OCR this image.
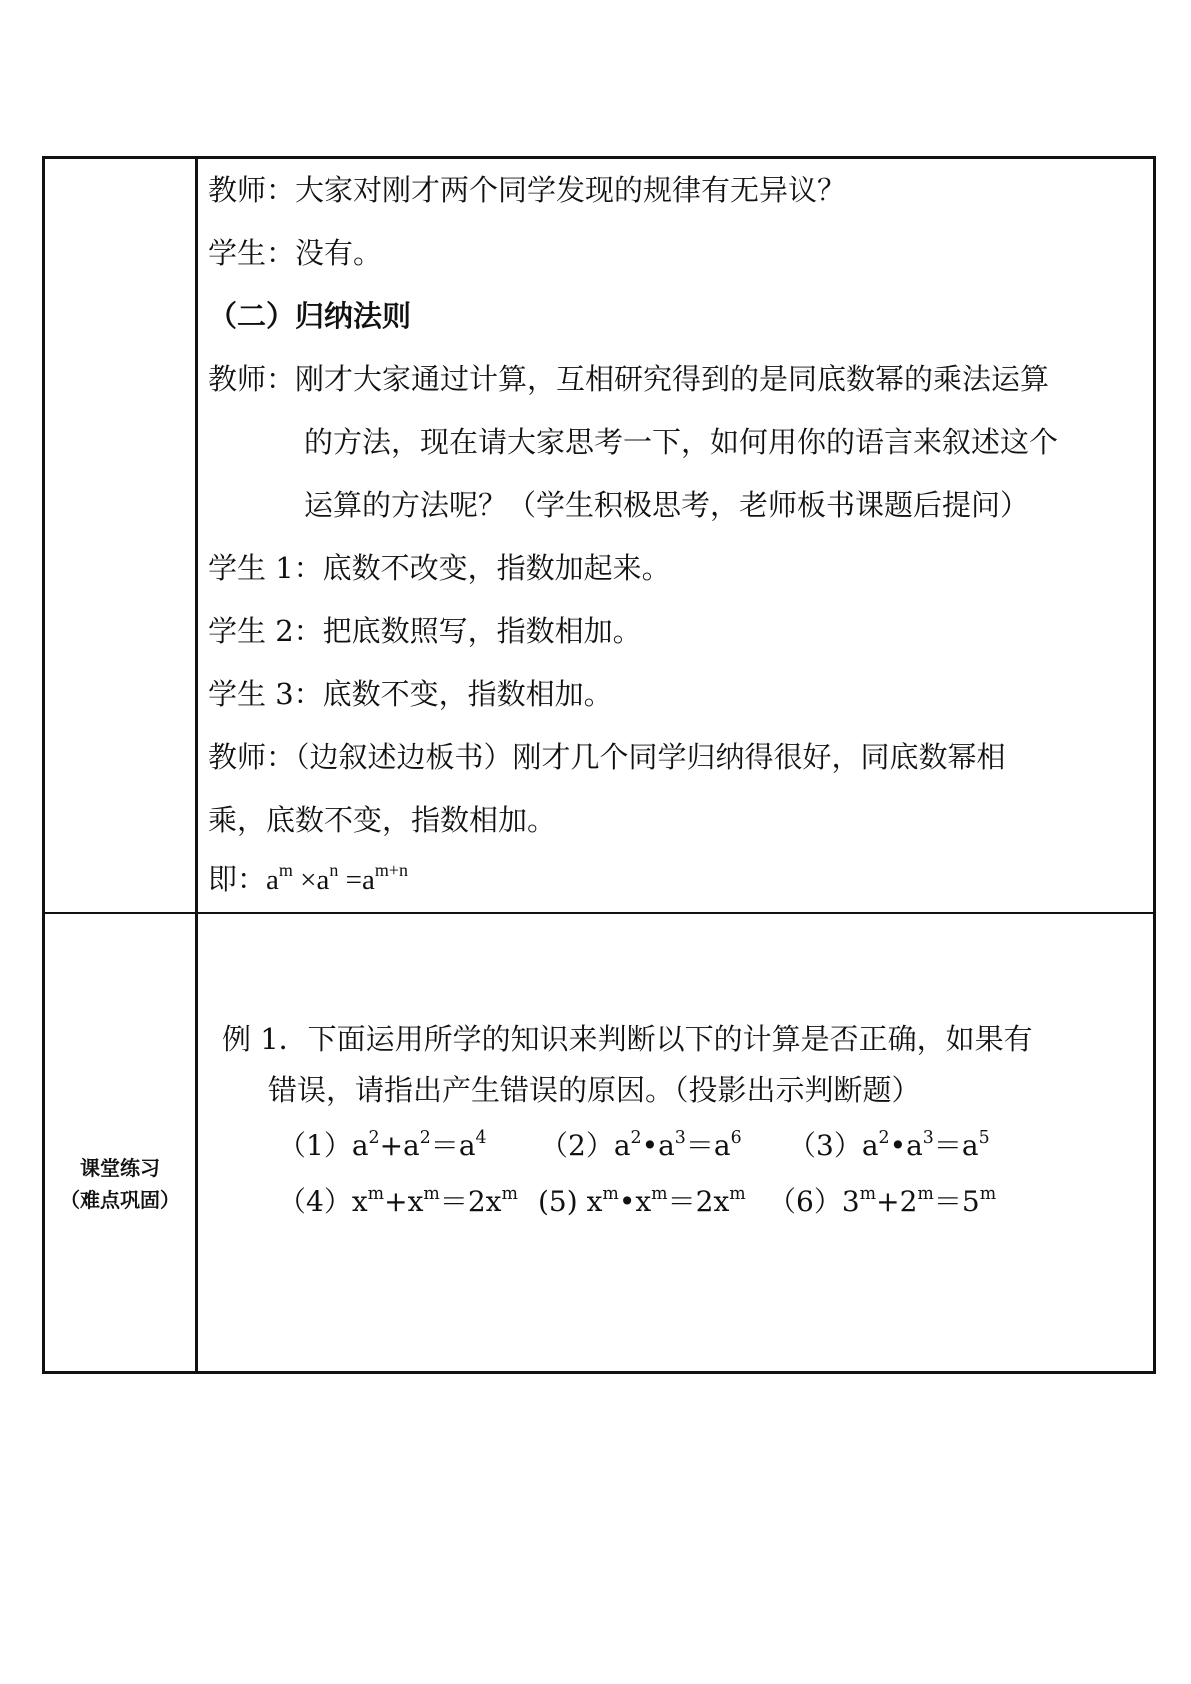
教师：大家对刚才两个同学发现的规律有无异议？
学生：没有。
（二）归纳法则
教师：刚才大家通过计算，互相研究得到的是同底数幂的乘法运算
的方法，现在请大家思考一下，如何用你的语言来叙述这个
运算的方法呢？（学生积极思考，老师板书课题后提问）
学生 1：底数不改变，指数加起来。
学生 2：把底数照写，指数相加。
学生 3：底数不变，指数相加。
教师：（边叙述边板书）刚才几个同学归纳得很好，同底数幂相
乘，底数不变，指数相加。
即：$a^m \times a^n =a^{m+n}$
课堂练习
（难点巩固）
例 1．下面运用所学的知识来判断以下的计算是否正确，如果有
错误，请指出产生错误的原因。（投影出示判断题）
$(1)a^2+a^2=a^4$ $(2)a^2•a^3=a^6$ $(3)a^2•a^3=a^5$
$(4)x^m+x^m=2x^m$ (5) $x^m•x^m=2x^m$ $(6)3^m+2^m=5^m$
